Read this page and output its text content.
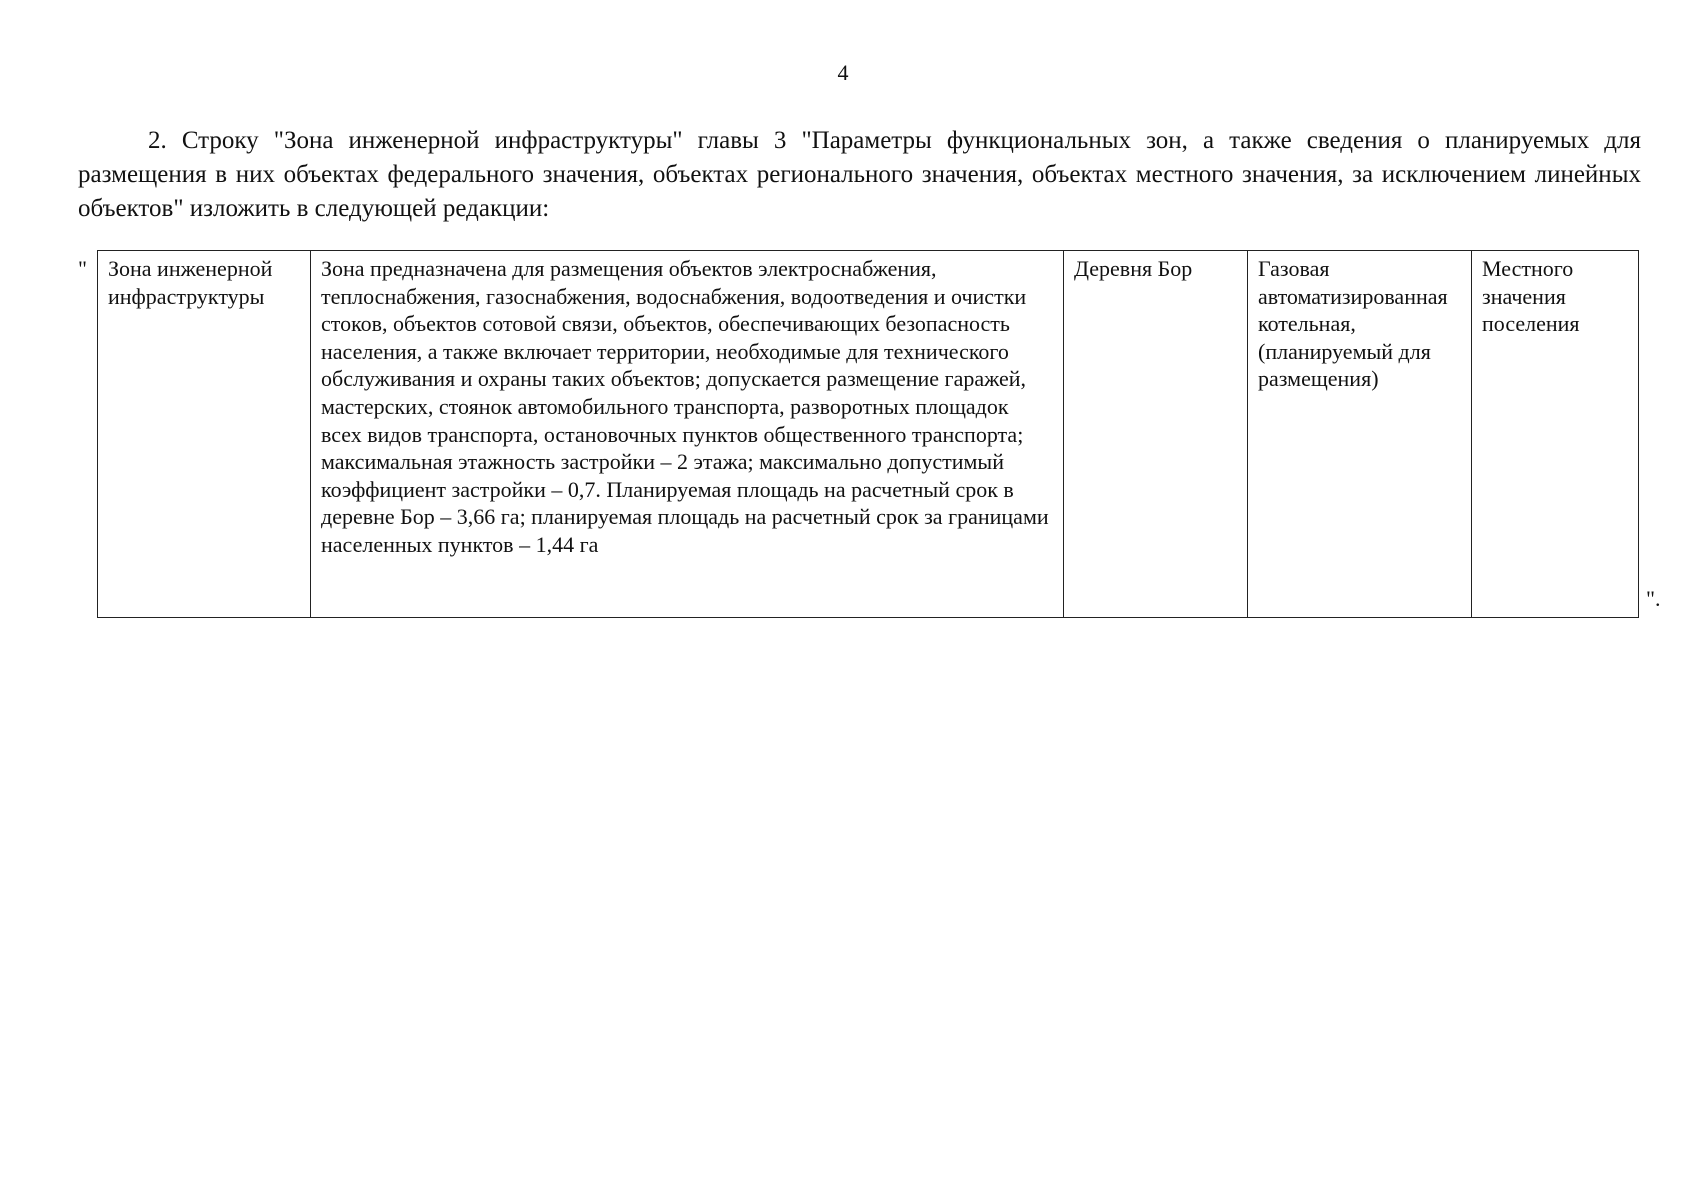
4

2. Строку "Зона инженерной инфраструктуры" главы 3 "Параметры функциональных зон, а также сведения о планируемых для размещения в них объектах федерального значения, объектах регионального значения, объектах местного значения, за исключением линейных объектов" изложить в следующей редакции:

" Зона инженерной инфраструктуры	Зона предназначена для размещения объектов электроснабжения, теплоснабжения, газоснабжения, водоснабжения, водоотведения и очистки стоков, объектов сотовой связи, объектов, обеспечивающих безопасность населения, а также включает территории, необходимые для технического обслуживания и охраны таких объектов; допускается размещение гаражей, мастерских, стоянок автомобильного транспорта, разворотных площадок всех видов транспорта, остановочных пунктов общественного транспорта; максимальная этажность застройки – 2 этажа; максимально допустимый коэффициент застройки – 0,7. Планируемая площадь на расчетный срок в деревне Бор – 3,66 га; планируемая площадь на расчетный срок за границами населенных пунктов – 1,44 га	Деревня Бор	Газовая автоматизированная котельная, (планируемый для размещения)	Местного значения поселения
".
